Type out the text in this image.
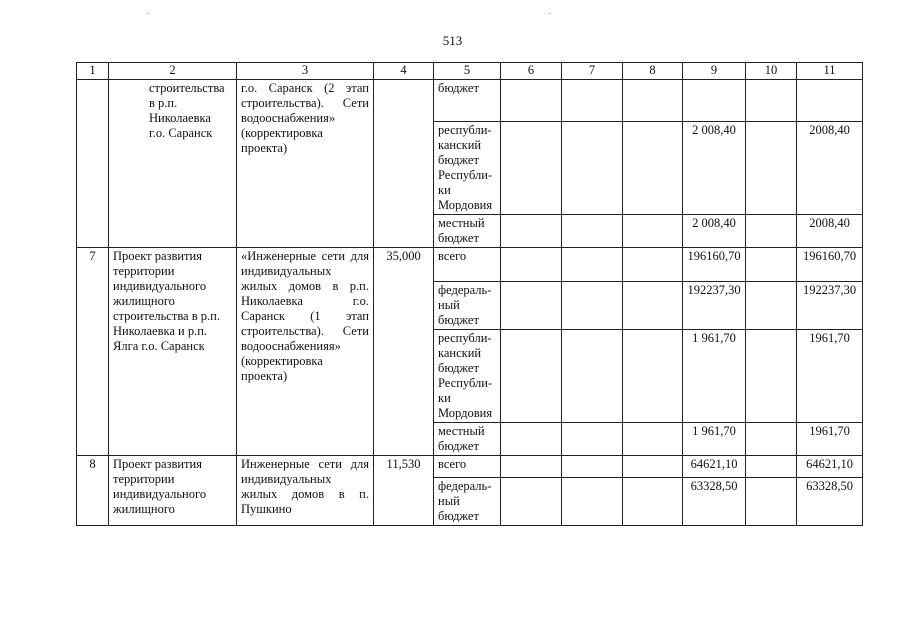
513
1	2	3	4	5	6	7	8	9	10	11
	строительства в р.п. Николаевка г.о. Саранск	г.о. Саранск (2 этап строительства). Сети водооснабжения» (корректировка проекта)		бюджет						
				республи-канский бюджет Республи-ки Мордовия				2 008,40		2008,40
				местный бюджет				2 008,40		2008,40
7	Проект развития территории индивидуального жилищного строительства в р.п. Николаевка и р.п. Ялга г.о. Саранск	«Инженерные сети для индивидуальных жилых домов в р.п. Николаевка г.о. Саранск (1 этап строительства). Сети водооснабженияя» (корректировка проекта)	35,000	всего				196160,70		196160,70
				федераль-ный бюджет				192237,30		192237,30
				республи-канский бюджет Республи-ки Мордовия				1 961,70		1961,70
				местный бюджет				1 961,70		1961,70
8	Проект развития территории индивидуального жилищного	Инженерные сети для индивидуальных жилых домов в п. Пушкино	11,530	всего				64621,10		64621,10
				федераль-ный бюджет				63328,50		63328,50
